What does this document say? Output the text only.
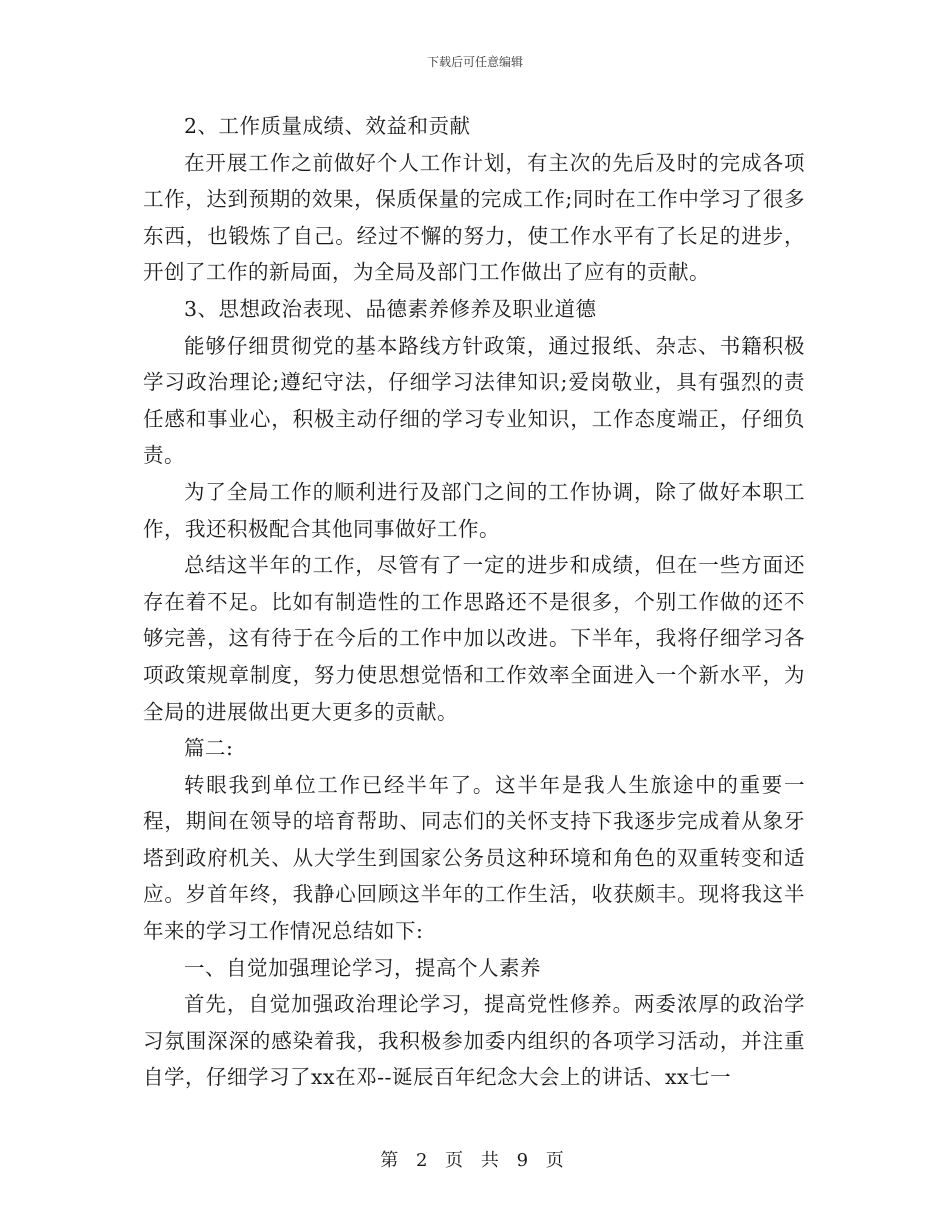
下载后可任意编辑

2、工作质量成绩、效益和贡献

在开展工作之前做好个人工作计划，有主次的先后及时的完成各项工作，达到预期的效果，保质保量的完成工作;同时在工作中学习了很多东西，也锻炼了自己。经过不懈的努力，使工作水平有了长足的进步，开创了工作的新局面，为全局及部门工作做出了应有的贡献。

3、思想政治表现、品德素养修养及职业道德

能够仔细贯彻党的基本路线方针政策，通过报纸、杂志、书籍积极学习政治理论;遵纪守法，仔细学习法律知识;爱岗敬业，具有强烈的责任感和事业心，积极主动仔细的学习专业知识，工作态度端正，仔细负责。

为了全局工作的顺利进行及部门之间的工作协调，除了做好本职工作，我还积极配合其他同事做好工作。

总结这半年的工作，尽管有了一定的进步和成绩，但在一些方面还存在着不足。比如有制造性的工作思路还不是很多，个别工作做的还不够完善，这有待于在今后的工作中加以改进。下半年，我将仔细学习各项政策规章制度，努力使思想觉悟和工作效率全面进入一个新水平，为全局的进展做出更大更多的贡献。

篇二:

转眼我到单位工作已经半年了。这半年是我人生旅途中的重要一程，期间在领导的培育帮助、同志们的关怀支持下我逐步完成着从象牙塔到政府机关、从大学生到国家公务员这种环境和角色的双重转变和适应。岁首年终，我静心回顾这半年的工作生活，收获颇丰。现将我这半年来的学习工作情况总结如下:

一、自觉加强理论学习，提高个人素养

首先，自觉加强政治理论学习，提高党性修养。两委浓厚的政治学习氛围深深的感染着我，我积极参加委内组织的各项学习活动，并注重自学，仔细学习了xx在邓--诞辰百年纪念大会上的讲话、xx七一

第 2 页 共 9 页
